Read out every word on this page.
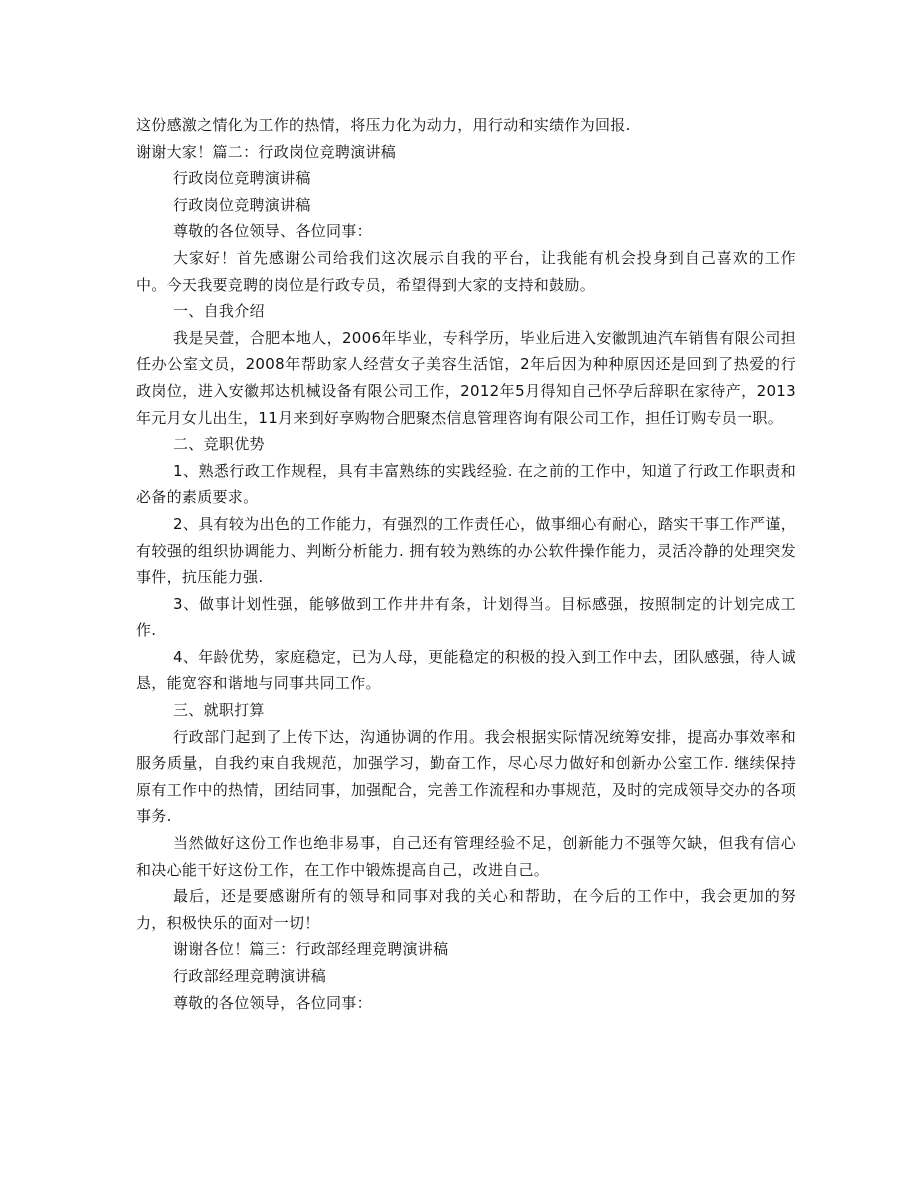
这份感激之情化为工作的热情，将压力化为动力，用行动和实绩作为回报.

谢谢大家！篇二：行政岗位竞聘演讲稿

行政岗位竞聘演讲稿

行政岗位竞聘演讲稿

尊敬的各位领导、各位同事：

大家好！首先感谢公司给我们这次展示自我的平台，让我能有机会投身到自己喜欢的工作中。今天我要竞聘的岗位是行政专员，希望得到大家的支持和鼓励。

一、自我介绍

我是吴萱，合肥本地人，2006年毕业，专科学历，毕业后进入安徽凯迪汽车销售有限公司担任办公室文员，2008年帮助家人经营女子美容生活馆，2年后因为种种原因还是回到了热爱的行政岗位，进入安徽邦达机械设备有限公司工作，2012年5月得知自己怀孕后辞职在家待产，2013年元月女儿出生，11月来到好享购物合肥聚杰信息管理咨询有限公司工作，担任订购专员一职。

二、竞职优势

1、熟悉行政工作规程，具有丰富熟练的实践经验. 在之前的工作中，知道了行政工作职责和必备的素质要求。

2、具有较为出色的工作能力，有强烈的工作责任心，做事细心有耐心，踏实干事工作严谨，有较强的组织协调能力、判断分析能力. 拥有较为熟练的办公软件操作能力，灵活冷静的处理突发事件，抗压能力强.

3、做事计划性强，能够做到工作井井有条，计划得当。目标感强，按照制定的计划完成工作.

4、年龄优势，家庭稳定，已为人母，更能稳定的积极的投入到工作中去，团队感强，待人诚恳，能宽容和谐地与同事共同工作。

三、就职打算

行政部门起到了上传下达，沟通协调的作用。我会根据实际情况统筹安排，提高办事效率和服务质量，自我约束自我规范，加强学习，勤奋工作，尽心尽力做好和创新办公室工作. 继续保持原有工作中的热情，团结同事，加强配合，完善工作流程和办事规范，及时的完成领导交办的各项事务.

当然做好这份工作也绝非易事，自己还有管理经验不足，创新能力不强等欠缺，但我有信心和决心能干好这份工作，在工作中锻炼提高自己，改进自己。

最后，还是要感谢所有的领导和同事对我的关心和帮助，在今后的工作中，我会更加的努力，积极快乐的面对一切！

谢谢各位！篇三：行政部经理竞聘演讲稿

行政部经理竞聘演讲稿

尊敬的各位领导，各位同事：
